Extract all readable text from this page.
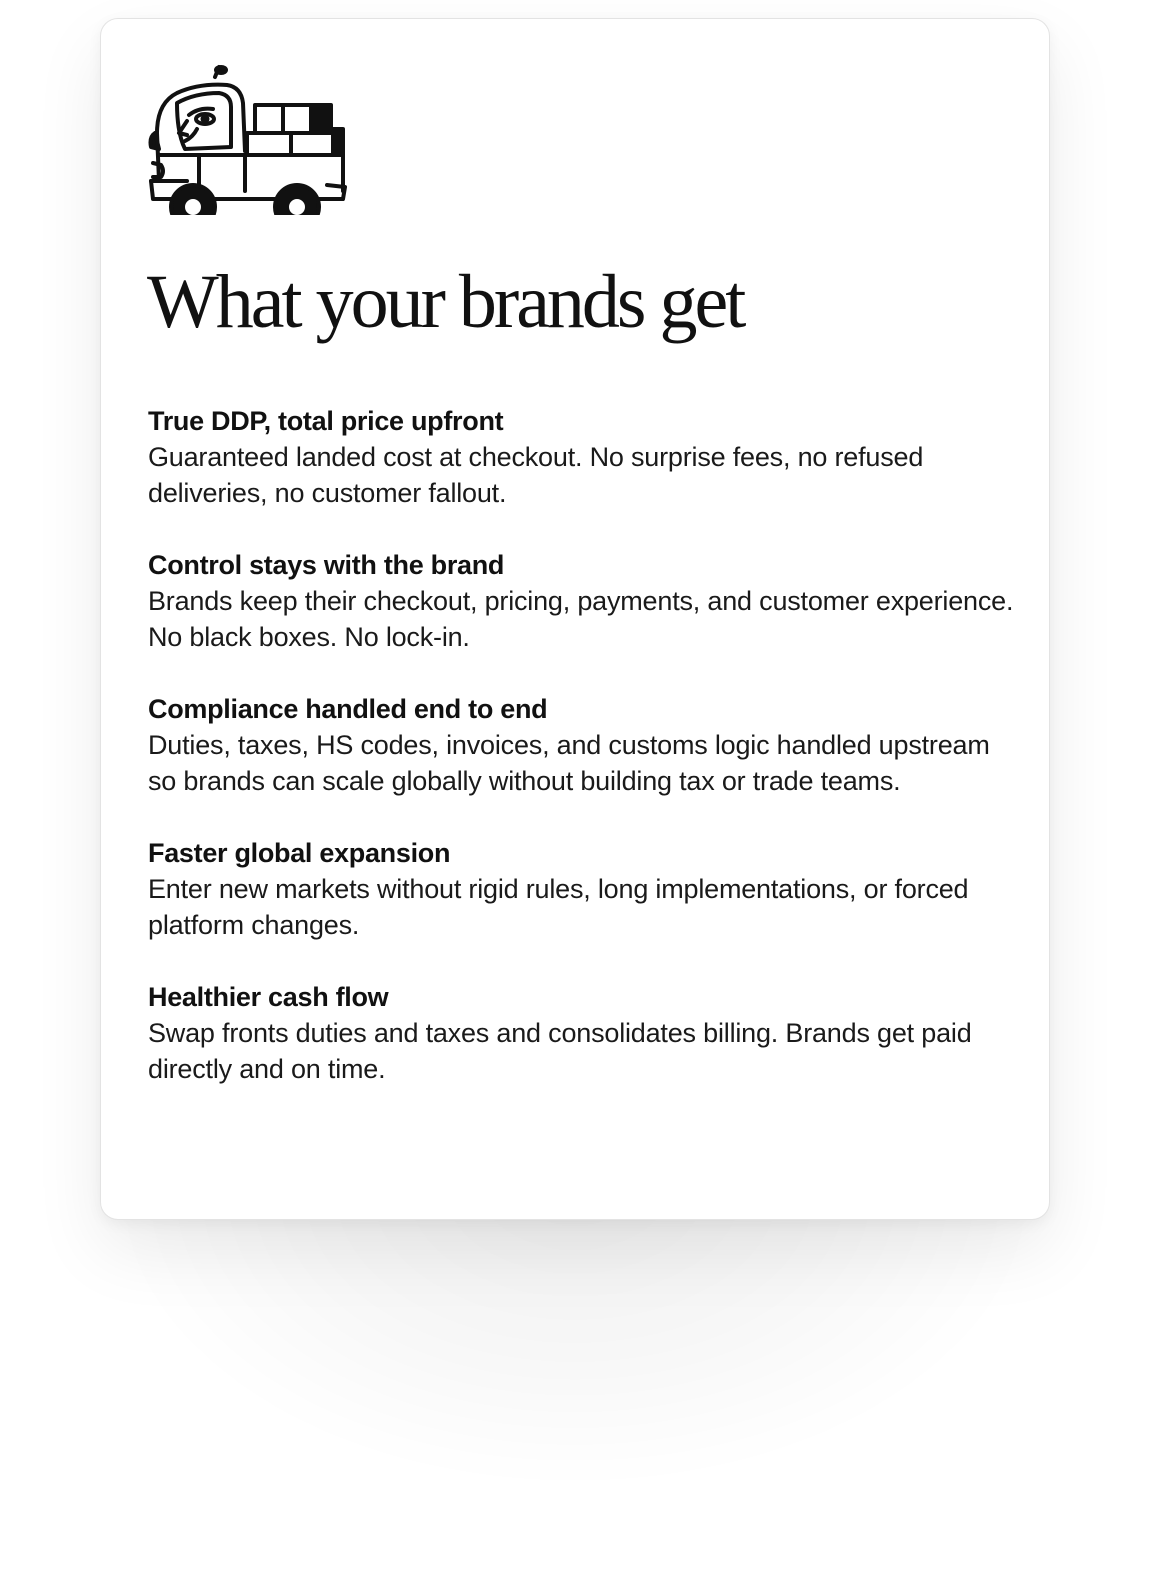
What your brands get
True DDP, total price upfront
Guaranteed landed cost at checkout. No surprise fees, no refused deliveries, no customer fallout.
Control stays with the brand
Brands keep their checkout, pricing, payments, and customer experience. No black boxes. No lock-in.
Compliance handled end to end
Duties, taxes, HS codes, invoices, and customs logic handled upstream so brands can scale globally without building tax or trade teams.
Faster global expansion
Enter new markets without rigid rules, long implementations, or forced platform changes.
Healthier cash flow
Swap fronts duties and taxes and consolidates billing. Brands get paid directly and on time.
